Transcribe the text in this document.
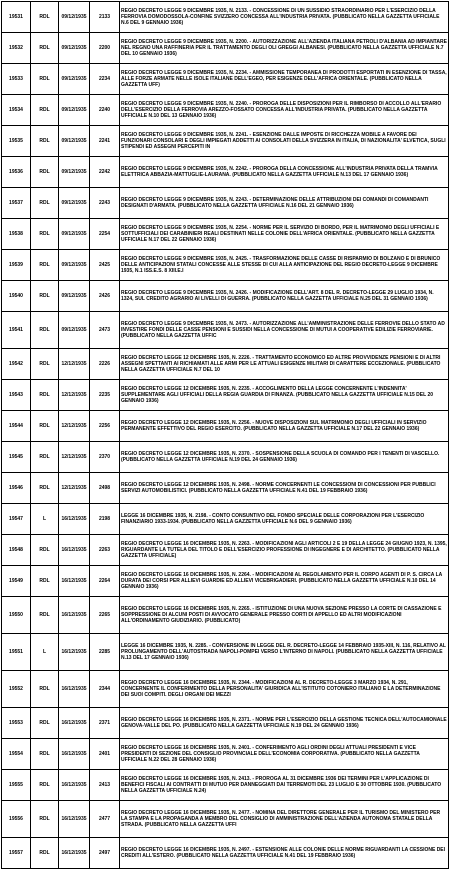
19531	RDL	09/12/1935	2133	REGIO DECRETO LEGGE 9 DICEMBRE 1935, N. 2133. - CONCESSIONE DI UN SUSSIDIO STRAORDINARIO PER L'ESERCIZIO DELLA FERROVIA DOMODOSSOLA-CONFINE SVIZZERO CONCESSA ALL'INDUSTRIA PRIVATA. (PUBBLICATO NELLA GAZZETTA UFFICIALE N.6 DEL 9 GENNAIO 1936)
19532	RDL	09/12/1935	2200	REGIO DECRETO LEGGE 9 DICEMBRE 1935, N. 2200. - AUTORIZZAZIONE ALL'AZIENDA ITALIANA PETROLI D'ALBANIA AD IMPIANTARE NEL REGNO UNA RAFFINERIA PER IL TRATTAMENTO DEGLI OLI GREGGI ALBANESI. (PUBBLICATO NELLA GAZZETTA UFFICIALE N.7 DEL 10 GENNAIO 1936)
19533	RDL	09/12/1935	2234	REGIO DECRETO LEGGE 9 DICEMBRE 1935, N. 2234. - AMMISSIONE TEMPORANEA DI PRODOTTI ESPORTATI IN ESENZIONE DI TASSA, ALLE FORZE ARMATE NELLE ISOLE ITALIANE DELL'EGEO, PER ESIGENZE DELL'AFRICA ORIENTALE. (PUBBLICATO NELLA GAZZETTA UFF)
19534	RDL	09/12/1935	2240	REGIO DECRETO LEGGE 9 DICEMBRE 1935, N. 2240. - PROROGA DELLE DISPOSIZIONI PER IL RIMBORSO DI ACCOLLO ALL'ERARIO DELL'ESERCIZIO DELLA FERROVIA AREZZO-FOSSATO CONCESSA ALL'INDUSTRIA PRIVATA. (PUBBLICATO NELLA GAZZETTA UFFICIALE N.10 DEL 13 GENNAIO 1936)
19535	RDL	09/12/1935	2241	REGIO DECRETO LEGGE 9 DICEMBRE 1935, N. 2241. - ESENZIONE DALLE IMPOSTE DI RICCHEZZA MOBILE A FAVORE DEI FUNZIONARI CONSOLARI E DEGLI IMPIEGATI ADDETTI AI CONSOLATI DELLA SVIZZERA IN ITALIA, DI NAZIONALITA' ELVETICA, SUGLI STIPENDI ED ASSEGNI PERCEPITI IN
19536	RDL	09/12/1935	2242	REGIO DECRETO LEGGE 9 DICEMBRE 1935, N. 2242. - PROROGA DELLA CONCESSIONE ALL'INDUSTRIA PRIVATA DELLA TRAMVIA ELETTRICA ABBAZIA-MATTUGLIE-LAURANA. (PUBBLICATO NELLA GAZZETTA UFFICIALE N.13 DEL 17 GENNAIO 1936)
19537	RDL	09/12/1935	2243	REGIO DECRETO LEGGE 9 DICEMBRE 1935, N. 2243. - DETERMINAZIONE DELLE ATTRIBUZIONI DEI COMANDI DI COMANDANTI DESIGNATI D'ARMATA. (PUBBLICATO NELLA GAZZETTA UFFICIALE N.16 DEL 21 GENNAIO 1936)
19538	RDL	09/12/1935	2254	REGIO DECRETO LEGGE 9 DICEMBRE 1935, N. 2254. - NORME PER IL SERVIZIO DI BORDO, PER IL MATRIMONIO DEGLI UFFICIALI E SOTTUFFICIALI DEI CARABINIERI REALI DESTINATI NELLE COLONIE DELL'AFRICA ORIENTALE. (PUBBLICATO NELLA GAZZETTA UFFICIALE N.17 DEL 22 GENNAIO 1936)
19539	RDL	09/12/1935	2425	REGIO DECRETO LEGGE 9 DICEMBRE 1935, N. 2425. - TRASFORMAZIONE DELLE CASSE DI RISPARMIO DI BOLZANO E DI BRUNICO DELLE ANTICIPAZIONI STATALI CONCESSE ALLE STESSE DI CUI ALLA ANTICIPAZIONE DEL REGIO DECRETO-LEGGE 9 DICEMBRE 1935, N.1 ISS.E.S. 8 XIII.E.I
19540	RDL	09/12/1935	2426	REGIO DECRETO LEGGE 9 DICEMBRE 1935, N. 2426. - MODIFICAZIONE DELL'ART. 8 DEL R. DECRETO-LEGGE 29 LUGLIO 1934, N. 1324, SUL CREDITO AGRARIO AI LIVELLI DI GUERRA. (PUBBLICATO NELLA GAZZETTA UFFICIALE N.25 DEL 31 GENNAIO 1936)
19541	RDL	09/12/1935	2473	REGIO DECRETO LEGGE 9 DICEMBRE 1935, N. 2473. - AUTORIZZAZIONE ALL'AMMINISTRAZIONE DELLE FERROVIE DELLO STATO AD INVESTIRE FONDI DELLE CASSE PENSIONI E SUSSIDI NELLA CONCESSIONE DI MUTUI A COOPERATIVE EDILIZIE FERROVIARIE. (PUBBLICATO NELLA GAZZETTA UFFIC
19542	RDL	12/12/1935	2226	REGIO DECRETO LEGGE 12 DICEMBRE 1935, N. 2226. - TRATTAMENTO ECONOMICO ED ALTRE PROVVIDENZE PENSIONI E DI ALTRI ASSEGNI SPETTANTI AI RICHIAMATI ALLE ARMI PER LE ATTUALI ESIGENZE MILITARI DI CARATTERE ECCEZIONALE. (PUBBLICATO NELLA GAZZETTA UFFICIALE N.7 DEL 10
19543	RDL	12/12/1935	2235	REGIO DECRETO LEGGE 12 DICEMBRE 1935, N. 2235. - ACCOGLIMENTO DELLA LEGGE CONCERNENTE L'INDENNITA' SUPPLEMENTARE AGLI UFFICIALI DELLA REGIA GUARDIA DI FINANZA. (PUBBLICATO NELLA GAZZETTA UFFICIALE N.15 DEL 20 GENNAIO 1936)
19544	RDL	12/12/1935	2256	REGIO DECRETO LEGGE 12 DICEMBRE 1935, N. 2256. - NUOVE DISPOSIZIONI SUL MATRIMONIO DEGLI UFFICIALI IN SERVIZIO PERMANENTE EFFETTIVO DEL REGIO ESERCITO. (PUBBLICATO NELLA GAZZETTA UFFICIALE N.17 DEL 22 GENNAIO 1936)
19545	RDL	12/12/1935	2370	REGIO DECRETO LEGGE 12 DICEMBRE 1935, N. 2370. - SOSPENSIONE DELLA SCUOLA DI COMANDO PER I TENENTI DI VASCELLO. (PUBBLICATO NELLA GAZZETTA UFFICIALE N.19 DEL 24 GENNAIO 1936)
19546	RDL	12/12/1935	2498	REGIO DECRETO LEGGE 12 DICEMBRE 1935, N. 2498. - NORME CONCERNENTI LE CONCESSIONI DI CONCESSIONI PER PUBBLICI SERVIZI AUTOMOBILISTICI. (PUBBLICATO NELLA GAZZETTA UFFICIALE N.41 DEL 19 FEBBRAIO 1936)
19547	L	16/12/1935	2198	LEGGE 16 DICEMBRE 1935, N. 2198. - CONTO CONSUNTIVO DEL FONDO SPECIALE DELLE CORPORAZIONI PER L'ESERCIZIO FINANZIARIO 1933-1934. (PUBBLICATO NELLA GAZZETTA UFFICIALE N.6 DEL 9 GENNAIO 1936)
19548	RDL	16/12/1935	2263	REGIO DECRETO LEGGE 16 DICEMBRE 1935, N. 2263. - MODIFICAZIONI AGLI ARTICOLI 2 E 19 DELLA LEGGE 24 GIUGNO 1923, N. 1395, RIGUARDANTE LA TUTELA DEL TITOLO E DELL'ESERCIZIO PROFESSIONE DI INGEGNERE E DI ARCHITETTO. (PUBBLICATO NELLA GAZZETTA UFFICIALE)
19549	RDL	16/12/1935	2264	REGIO DECRETO LEGGE 16 DICEMBRE 1935, N. 2264. - MODIFICAZIONI AL REGOLAMENTO PER IL CORPO AGENTI DI P. S. CIRCA LA DURATA DEI CORSI PER ALLIEVI GUARDIE ED ALLIEVI VICEBRIGADIERI. (PUBBLICATO NELLA GAZZETTA UFFICIALE N.10 DEL 14 GENNAIO 1936)
19550	RDL	16/12/1935	2265	REGIO DECRETO LEGGE 16 DICEMBRE 1935, N. 2265. - ISTITUZIONE DI UNA NUOVA SEZIONE PRESSO LA CORTE DI CASSAZIONE E SOPPRESSIONE DI ALCUNI POSTI DI AVVOCATO GENERALE PRESSO CORTI DI APPELLO ED ALTRI MODIFICAZIONI ALL'ORDINAMENTO GIUDIZIARIO. (PUBBLICATO)
19551	L	16/12/1935	2285	LEGGE 16 DICEMBRE 1935, N. 2285. - CONVERSIONE IN LEGGE DEL R. DECRETO-LEGGE 14 FEBBRAIO 1935-XIII, N. 116, RELATIVO AL PROLUNGAMENTO DELL'AUTOSTRADA NAPOLI-POMPEI VERSO L'INTERNO DI NAPOLI. (PUBBLICATO NELLA GAZZETTA UFFICIALE N.13 DEL 17 GENNAIO 1936)
19552	RDL	16/12/1935	2344	REGIO DECRETO LEGGE 16 DICEMBRE 1935, N. 2344. - MODIFICAZIONI AL R. DECRETO-LEGGE 3 MARZO 1934, N. 291, CONCERNENTE IL CONFERIMENTO DELLA PERSONALITA' GIURIDICA ALL'ISTITUTO COTONIERO ITALIANO E LA DETERMINAZIONE DEI SUOI COMPITI. DEGLI ORGANI DEI MEZZI
19553	RDL	16/12/1935	2371	REGIO DECRETO LEGGE 16 DICEMBRE 1935, N. 2371. - NORME PER L'ESERCIZIO DELLA GESTIONE TECNICA DELL'AUTOCAMIONALE GENOVA-VALLE DEL PO. (PUBBLICATO NELLA GAZZETTA UFFICIALE N.19 DEL 24 GENNAIO 1936)
19554	RDL	16/12/1935	2401	REGIO DECRETO LEGGE 16 DICEMBRE 1935, N. 2401. - CONFERIMENTO AGLI ORDINI DEGLI ATTUALI PRESIDENTI E VICE PRESIDENTI DI SEZIONE DEL CONSIGLIO PROVINCIALE DELL'ECONOMIA CORPORATIVA. (PUBBLICATO NELLA GAZZETTA UFFICIALE N.22 DEL 28 GENNAIO 1936)
19555	RDL	16/12/1935	2413	REGIO DECRETO LEGGE 16 DICEMBRE 1935, N. 2413. - PROROGA AL 31 DICEMBRE 1936 DEI TERMINI PER L'APPLICAZIONE DI BENEFICI FISCALI AI CONTRATTI DI MUTUO PER DANNEGGIATI DAI TERREMOTI DEL 23 LUGLIO E 30 OTTOBRE 1930. (PUBBLICATO NELLA GAZZETTA UFFICIALE N.24)
19556	RDL	16/12/1935	2477	REGIO DECRETO LEGGE 16 DICEMBRE 1935, N. 2477. - NOMINA DEL DIRETTORE GENERALE PER IL TURISMO DEL MINISTERO PER LA STAMPA E LA PROPAGANDA A MEMBRO DEL CONSIGLIO DI AMMINISTRAZIONE DELL'AZIENDA AUTONOMA STATALE DELLA STRADA. (PUBBLICATO NELLA GAZZETTA UFFI
19557	RDL	16/12/1935	2497	REGIO DECRETO LEGGE 16 DICEMBRE 1935, N. 2497. - ESTENSIONE ALLE COLONIE DELLE NORME RIGUARDANTI LA CESSIONE DEI CREDITI ALL'ESTERO. (PUBBLICATO NELLA GAZZETTA UFFICIALE N.41 DEL 19 FEBBRAIO 1936)
